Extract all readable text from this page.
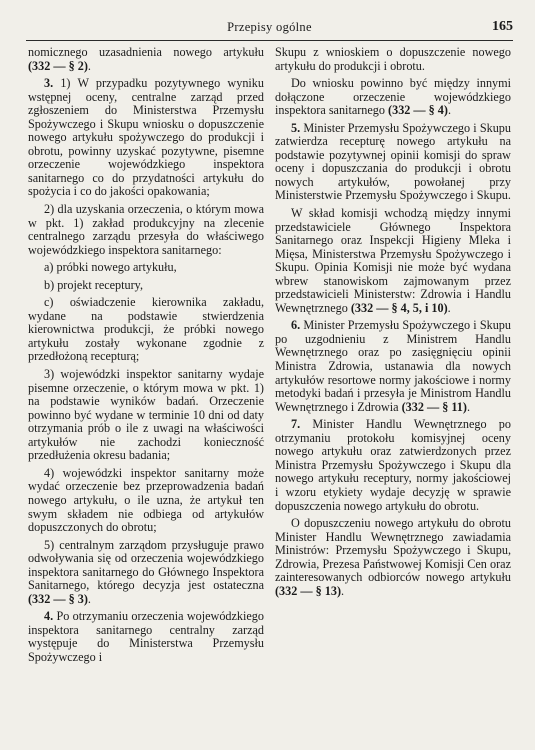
Przepisy ogólne	165

nomicznego uzasadnienia nowego artykułu (332 — § 2).

3. 1) W przypadku pozytywnego wyniku wstępnej oceny, centralne zarząd przed zgłoszeniem do Ministerstwa Przemysłu Spożywczego i Skupu wniosku o dopuszczenie nowego artykułu spożywczego do produkcji i obrotu, powinny uzyskać pozytywne, pisemne orzeczenie wojewódzkiego inspektora sanitarnego co do przydatności artykułu do spożycia i co do jakości opakowania;

2) dla uzyskania orzeczenia, o którym mowa w pkt. 1) zakład produkcyjny na zlecenie centralnego zarządu przesyła do właściwego wojewódzkiego inspektora sanitarnego:

a) próbki nowego artykułu,

b) projekt receptury,

c) oświadczenie kierownika zakładu, wydane na podstawie stwierdzenia kierownictwa produkcji, że próbki nowego artykułu zostały wykonane zgodnie z przedłożoną recepturą;

3) wojewódzki inspektor sanitarny wydaje pisemne orzeczenie, o którym mowa w pkt. 1) na podstawie wyników badań. Orzeczenie powinno być wydane w terminie 10 dni od daty otrzymania prób o ile z uwagi na właściwości artykułów nie zachodzi konieczność przedłużenia okresu badania;

4) wojewódzki inspektor sanitarny może wydać orzeczenie bez przeprowadzenia badań nowego artykułu, o ile uzna, że artykuł ten swym składem nie odbiega od artykułów dopuszczonych do obrotu;

5) centralnym zarządom przysługuje prawo odwoływania się od orzeczenia wojewódzkiego inspektora sanitarnego do Głównego Inspektora Sanitarnego, którego decyzja jest ostateczna (332 — § 3).

4. Po otrzymaniu orzeczenia wojewódzkiego inspektora sanitarnego centralny zarząd występuje do Ministerstwa Przemysłu Spożywczego i

Skupu z wnioskiem o dopuszczenie nowego artykułu do produkcji i obrotu.

Do wniosku powinno być między innymi dołączone orzeczenie wojewódzkiego inspektora sanitarnego (332 — § 4).

5. Minister Przemysłu Spożywczego i Skupu zatwierdza recepturę nowego artykułu na podstawie pozytywnej opinii komisji do spraw oceny i dopuszczania do produkcji i obrotu nowych artykułów, powołanej przy Ministerstwie Przemysłu Spożywczego i Skupu.

W skład komisji wchodzą między innymi przedstawiciele Głównego Inspektora Sanitarnego oraz Inspekcji Higieny Mleka i Mięsa, Ministerstwa Przemysłu Spożywczego i Skupu. Opinia Komisji nie może być wydana wbrew stanowiskom zajmowanym przez przedstawicieli Ministerstw: Zdrowia i Handlu Wewnętrznego (332 — § 4, 5, i 10).

6. Minister Przemysłu Spożywczego i Skupu po uzgodnieniu z Ministrem Handlu Wewnętrznego oraz po zasięgnięciu opinii Ministra Zdrowia, ustanawia dla nowych artykułów resortowe normy jakościowe i normy metodyki badań i przesyła je Ministrom Handlu Wewnętrznego i Zdrowia (332 — § 11).

7. Minister Handlu Wewnętrznego po otrzymaniu protokołu komisyjnej oceny nowego artykułu oraz zatwierdzonych przez Ministra Przemysłu Spożywczego i Skupu dla nowego artykułu receptury, normy jakościowej i wzoru etykiety wydaje decyzję w sprawie dopuszczenia nowego artykułu do obrotu.

O dopuszczeniu nowego artykułu do obrotu Minister Handlu Wewnętrznego zawiadamia Ministrów: Przemysłu Spożywczego i Skupu, Zdrowia, Prezesa Państwowej Komisji Cen oraz zainteresowanych odbiorców nowego artykułu (332 — § 13).
